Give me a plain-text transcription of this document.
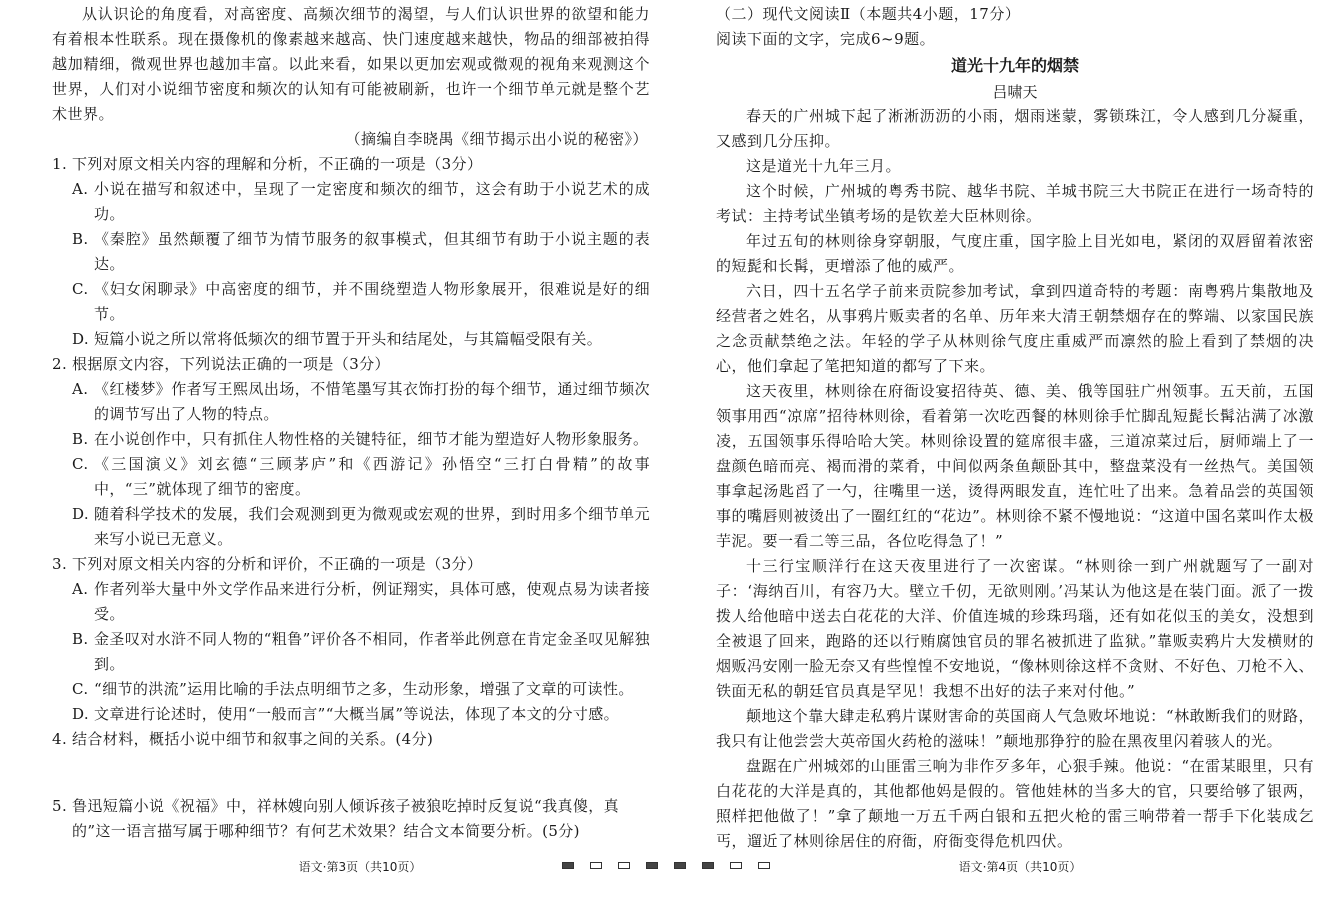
从认识论的角度看，对高密度、高频次细节的渴望，与人们认识世界的欲望和能力有着根本性联系。现在摄像机的像素越来越高、快门速度越来越快，物品的细部被拍得越加精细，微观世界也越加丰富。以此来看，如果以更加宏观或微观的视角来观测这个世界，人们对小说细节密度和频次的认知有可能被刷新，也许一个细节单元就是整个艺术世界。

（摘编自李晓禺《细节揭示出小说的秘密》）

1. 下列对原文相关内容的理解和分析，不正确的一项是（3分）
A. 小说在描写和叙述中，呈现了一定密度和频次的细节，这会有助于小说艺术的成功。
B. 《秦腔》虽然颠覆了细节为情节服务的叙事模式，但其细节有助于小说主题的表达。
C. 《妇女闲聊录》中高密度的细节，并不围绕塑造人物形象展开，很难说是好的细节。
D. 短篇小说之所以常将低频次的细节置于开头和结尾处，与其篇幅受限有关。
2. 根据原文内容，下列说法正确的一项是（3分）
A. 《红楼梦》作者写王熙凤出场，不惜笔墨写其衣饰打扮的每个细节，通过细节频次的调节写出了人物的特点。
B. 在小说创作中，只有抓住人物性格的关键特征，细节才能为塑造好人物形象服务。
C. 《三国演义》刘玄德“三顾茅庐”和《西游记》孙悟空“三打白骨精”的故事中，“三”就体现了细节的密度。
D. 随着科学技术的发展，我们会观测到更为微观或宏观的世界，到时用多个细节单元来写小说已无意义。
3. 下列对原文相关内容的分析和评价，不正确的一项是（3分）
A. 作者列举大量中外文学作品来进行分析，例证翔实，具体可感，使观点易为读者接受。
B. 金圣叹对水浒不同人物的“粗鲁”评价各不相同，作者举此例意在肯定金圣叹见解独到。
C. “细节的洪流”运用比喻的手法点明细节之多，生动形象，增强了文章的可读性。
D. 文章进行论述时，使用“一般而言”“大概当属”等说法，体现了本文的分寸感。
4. 结合材料，概括小说中细节和叙事之间的关系。(4分)
5. 鲁迅短篇小说《祝福》中，祥林嫂向别人倾诉孩子被狼吃掉时反复说“我真傻，真的”这一语言描写属于哪种细节？有何艺术效果？结合文本简要分析。(5分)

（二）现代文阅读Ⅱ（本题共4小题，17分）

阅读下面的文字，完成6~9题。

道光十九年的烟禁

吕啸天

春天的广州城下起了淅淅沥沥的小雨，烟雨迷蒙，雾锁珠江，令人感到几分凝重，又感到几分压抑。

这是道光十九年三月。

这个时候，广州城的粤秀书院、越华书院、羊城书院三大书院正在进行一场奇特的考试：主持考试坐镇考场的是钦差大臣林则徐。

年过五旬的林则徐身穿朝服，气度庄重，国字脸上目光如电，紧闭的双唇留着浓密的短髭和长髯，更增添了他的威严。

六日，四十五名学子前来贡院参加考试，拿到四道奇特的考题：南粤鸦片集散地及经营者之姓名，从事鸦片贩卖者的名单、历年来大清王朝禁烟存在的弊端、以家国民族之念贡献禁绝之法。年轻的学子从林则徐气度庄重威严而凛然的脸上看到了禁烟的决心，他们拿起了笔把知道的都写了下来。

这天夜里，林则徐在府衙设宴招待英、德、美、俄等国驻广州领事。五天前，五国领事用西“凉席”招待林则徐，看着第一次吃西餐的林则徐手忙脚乱短髭长髯沾满了冰激凌，五国领事乐得哈哈大笑。林则徐设置的筵席很丰盛，三道凉菜过后，厨师端上了一盘颜色暗而亮、褐而滑的菜肴，中间似两条鱼颠卧其中，整盘菜没有一丝热气。美国领事拿起汤匙舀了一勺，往嘴里一送，烫得两眼发直，连忙吐了出来。急着品尝的英国领事的嘴唇则被烫出了一圈红红的“花边”。林则徐不紧不慢地说：“这道中国名菜叫作太极芋泥。要一看二等三品，各位吃得急了！”

十三行宝顺洋行在这天夜里进行了一次密谋。“林则徐一到广州就题写了一副对子：‘海纳百川，有容乃大。壁立千仞，无欲则刚。’冯某认为他这是在装门面。派了一拨拨人给他暗中送去白花花的大洋、价值连城的珍珠玛瑙，还有如花似玉的美女，没想到全被退了回来，跑路的还以行贿腐蚀官员的罪名被抓进了监狱。”靠贩卖鸦片大发横财的烟贩冯安刚一脸无奈又有些惶惶不安地说，“像林则徐这样不贪财、不好色、刀枪不入、铁面无私的朝廷官员真是罕见！我想不出好的法子来对付他。”

颠地这个靠大肆走私鸦片谋财害命的英国商人气急败坏地说：“林敢断我们的财路，我只有让他尝尝大英帝国火药枪的滋味！”颠地那狰狞的脸在黑夜里闪着骇人的光。

盘踞在广州城郊的山匪雷三响为非作歹多年，心狠手辣。他说：“在雷某眼里，只有白花花的大洋是真的，其他都他妈是假的。管他娃林的当多大的官，只要给够了银两，照样把他做了！”拿了颠地一万五千两白银和五把火枪的雷三响带着一帮手下化装成乞丐，遛近了林则徐居住的府衙，府衙变得危机四伏。

语文·第3页（共10页）	语文·第4页（共10页）
